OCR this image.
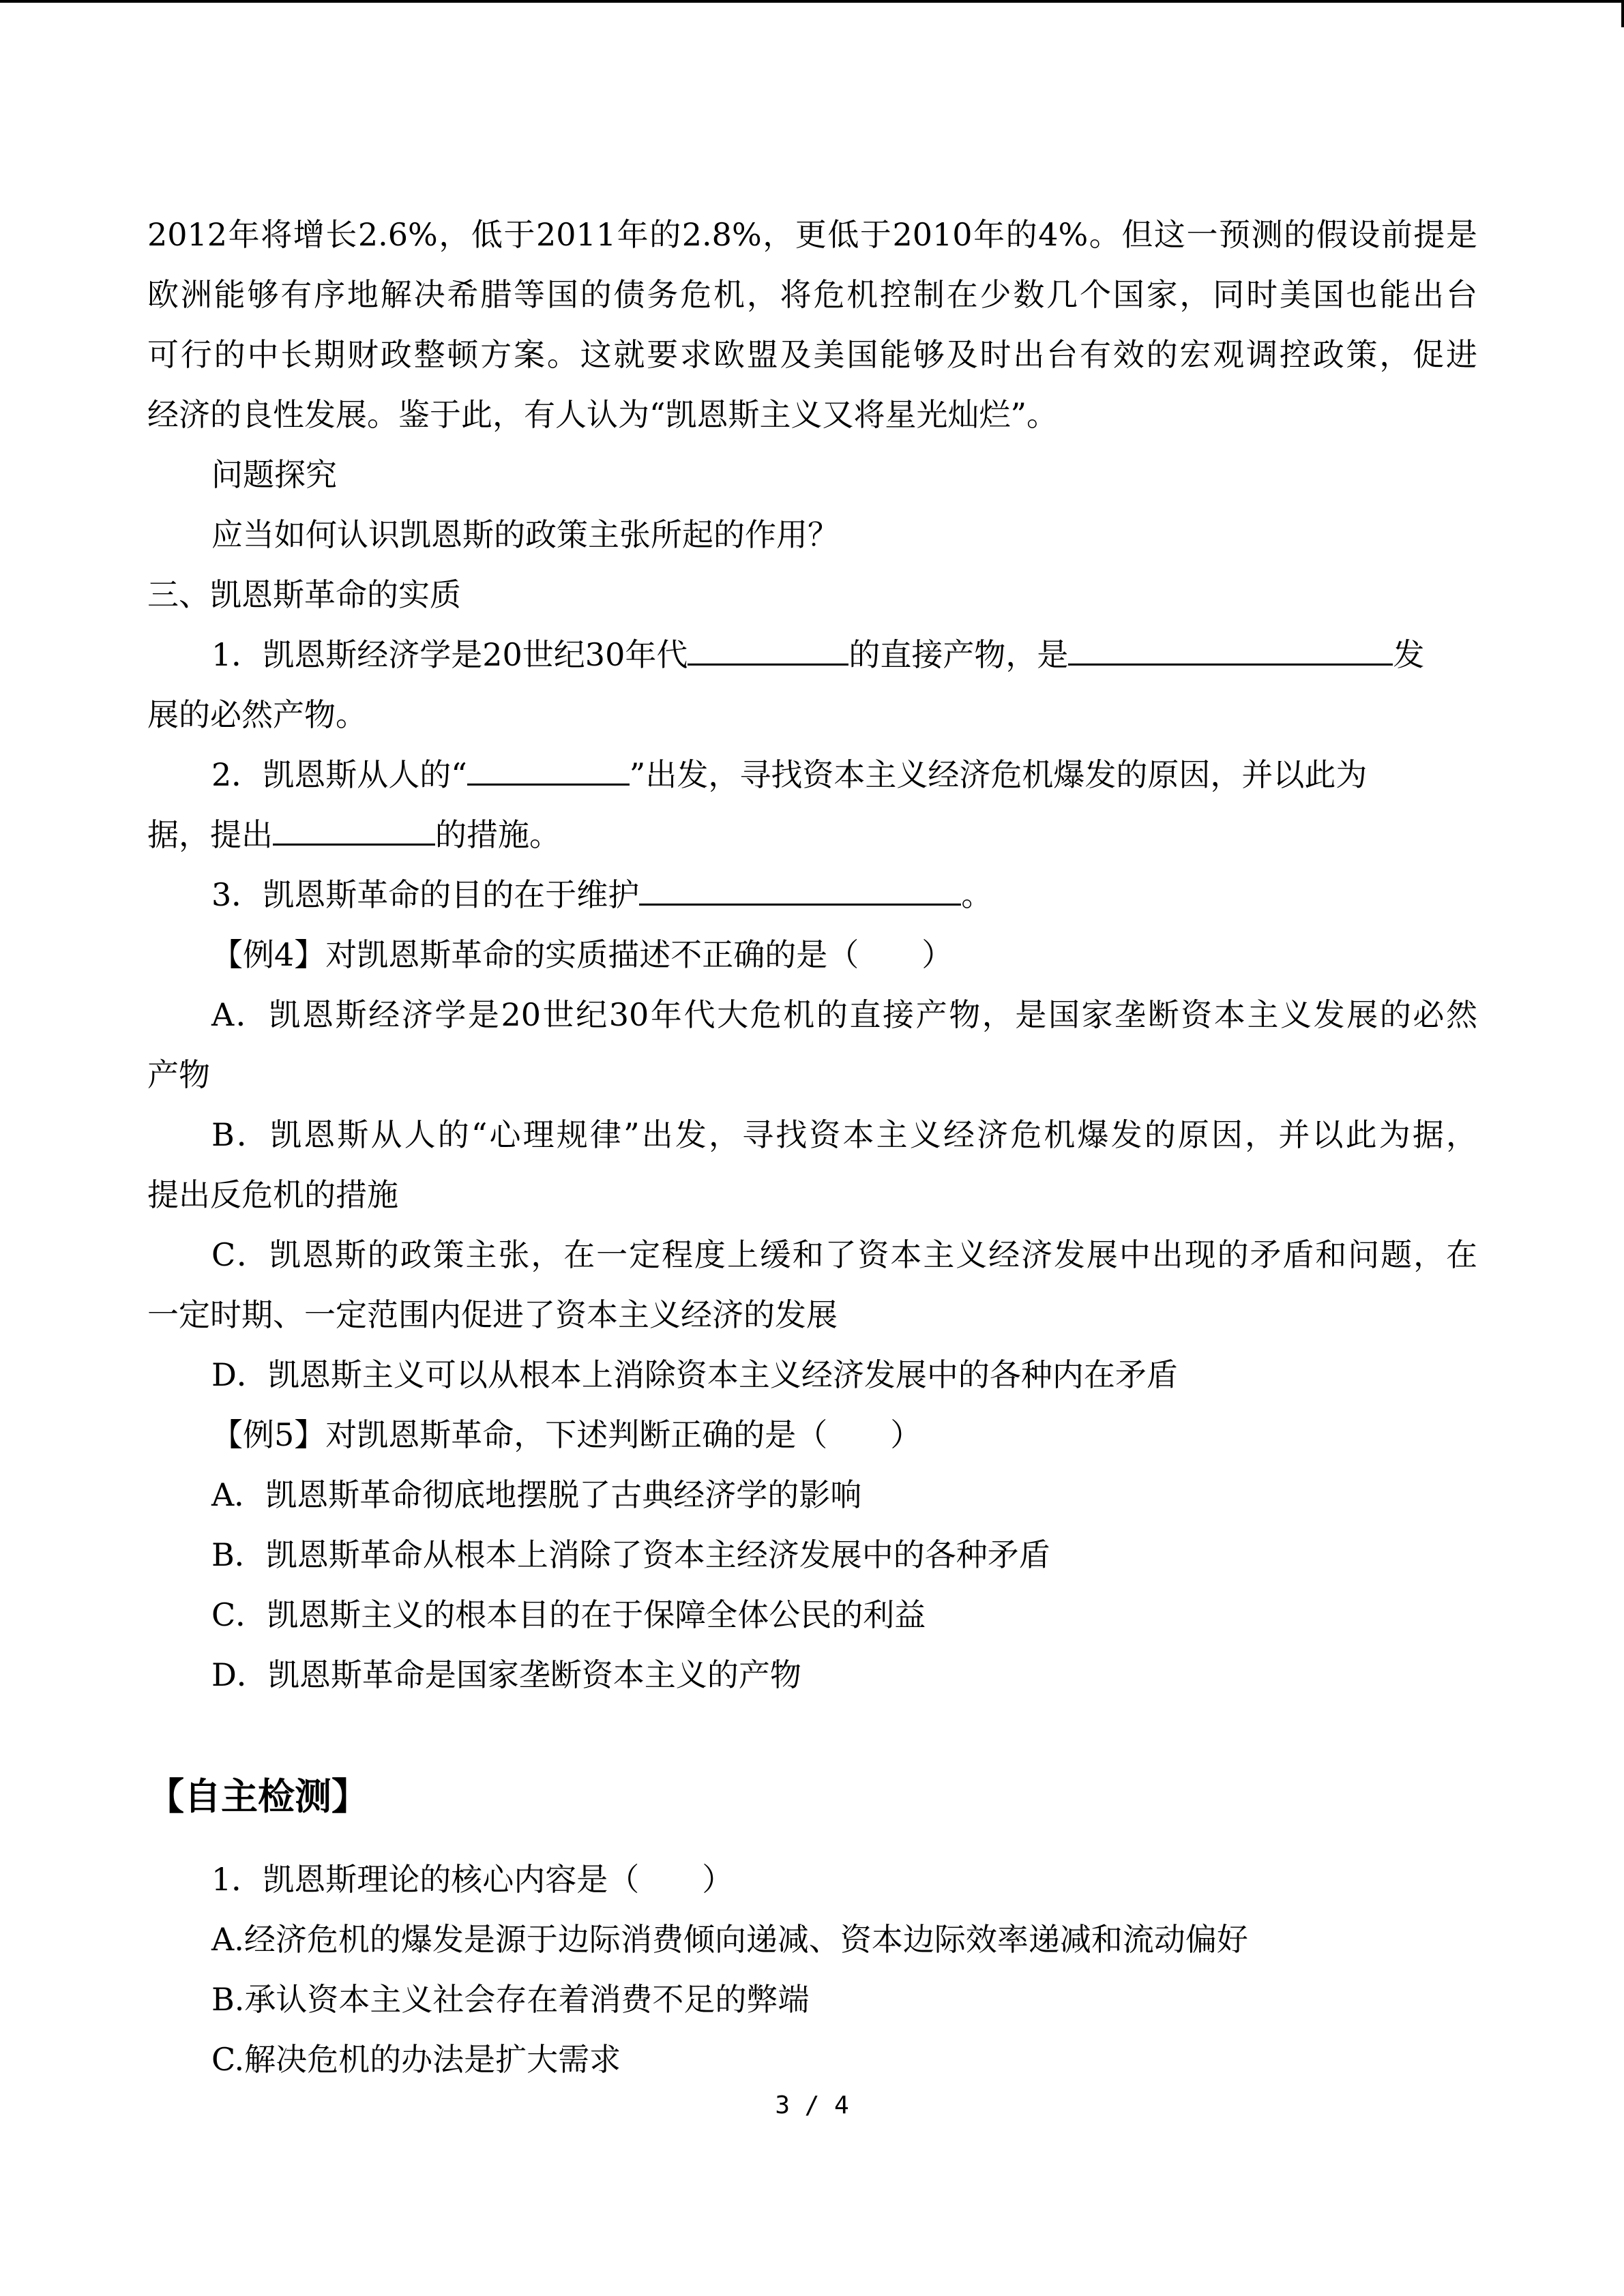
2012年将增长2.6%，低于2011年的2.8%，更低于2010年的4%。但这一预测的假设前提是
欧洲能够有序地解决希腊等国的债务危机，将危机控制在少数几个国家，同时美国也能出台
可行的中长期财政整顿方案。这就要求欧盟及美国能够及时出台有效的宏观调控政策，促进
经济的良性发展。鉴于此，有人认为“凯恩斯主义又将星光灿烂”。
问题探究
应当如何认识凯恩斯的政策主张所起的作用？
三、凯恩斯革命的实质
1．凯恩斯经济学是20世纪30年代	的直接产物，是	发
展的必然产物。
2．凯恩斯从人的“	”出发，寻找资本主义经济危机爆发的原因，并以此为
据，提出	的措施。
3．凯恩斯革命的目的在于维护	。
【例4】对凯恩斯革命的实质描述不正确的是（　　）
A．凯恩斯经济学是20世纪30年代大危机的直接产物，是国家垄断资本主义发展的必然
产物
B．凯恩斯从人的“心理规律”出发，寻找资本主义经济危机爆发的原因，并以此为据，
提出反危机的措施
C．凯恩斯的政策主张，在一定程度上缓和了资本主义经济发展中出现的矛盾和问题，在
一定时期、一定范围内促进了资本主义经济的发展
D．凯恩斯主义可以从根本上消除资本主义经济发展中的各种内在矛盾
【例5】对凯恩斯革命，下述判断正确的是（　　）
A．凯恩斯革命彻底地摆脱了古典经济学的影响
B．凯恩斯革命从根本上消除了资本主经济发展中的各种矛盾
C．凯恩斯主义的根本目的在于保障全体公民的利益
D．凯恩斯革命是国家垄断资本主义的产物
【自主检测】
1．凯恩斯理论的核心内容是（　　）
A.经济危机的爆发是源于边际消费倾向递减、资本边际效率递减和流动偏好
B.承认资本主义社会存在着消费不足的弊端
C.解决危机的办法是扩大需求
3 / 4
